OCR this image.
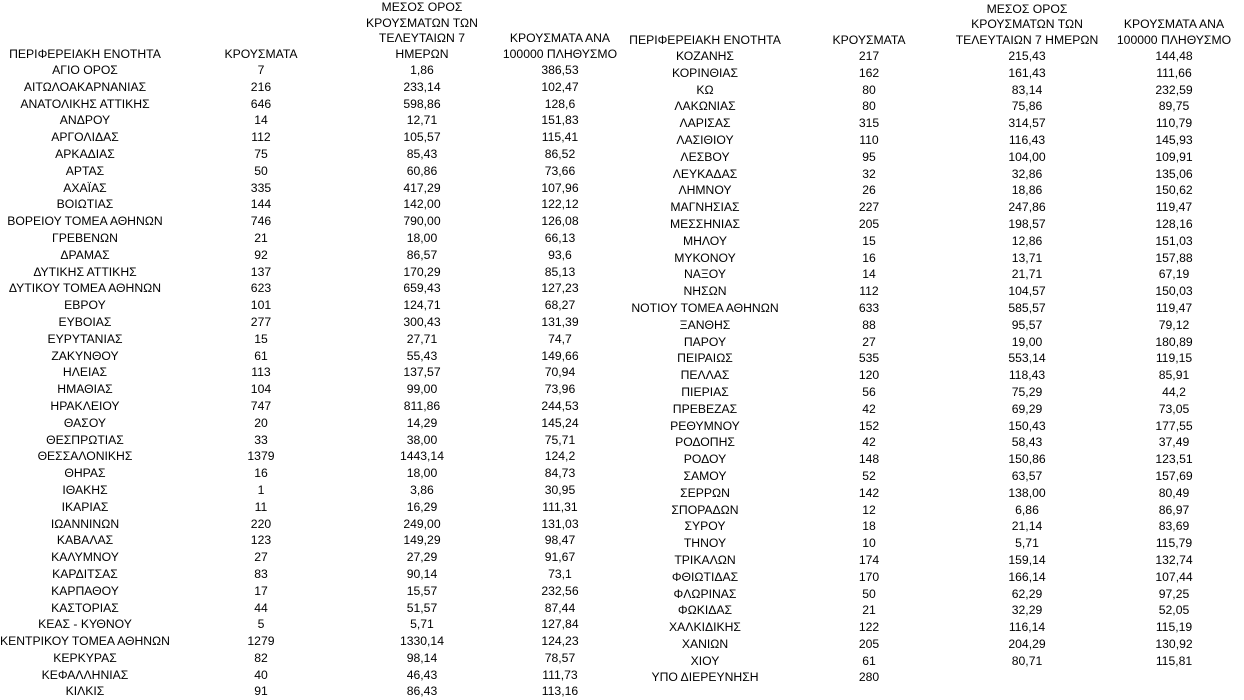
ΠΕΡΙΦΕΡΕΙΑΚΗ ΕΝΟΤΗΤΑ	ΚΡΟΥΣΜΑΤΑ	ΜΕΣΟΣ ΟΡΟΣ ΚΡΟΥΣΜΑΤΩΝ ΤΩΝ ΤΕΛΕΥΤΑΙΩΝ 7 ΗΜΕΡΩΝ	ΚΡΟΥΣΜΑΤΑ ΑΝΑ 100000 ΠΛΗΘΥΣΜΟ
ΑΓΙΟ ΟΡΟΣ	7	1,86	386,53
ΑΙΤΩΛΟΑΚΑΡΝΑΝΙΑΣ	216	233,14	102,47
ΑΝΑΤΟΛΙΚΗΣ ΑΤΤΙΚΗΣ	646	598,86	128,6
ΑΝΔΡΟΥ	14	12,71	151,83
ΑΡΓΟΛΙΔΑΣ	112	105,57	115,41
ΑΡΚΑΔΙΑΣ	75	85,43	86,52
ΑΡΤΑΣ	50	60,86	73,66
ΑΧΑΪΑΣ	335	417,29	107,96
ΒΟΙΩΤΙΑΣ	144	142,00	122,12
ΒΟΡΕΙΟΥ ΤΟΜΕΑ ΑΘΗΝΩΝ	746	790,00	126,08
ΓΡΕΒΕΝΩΝ	21	18,00	66,13
ΔΡΑΜΑΣ	92	86,57	93,6
ΔΥΤΙΚΗΣ ΑΤΤΙΚΗΣ	137	170,29	85,13
ΔΥΤΙΚΟΥ ΤΟΜΕΑ ΑΘΗΝΩΝ	623	659,43	127,23
ΕΒΡΟΥ	101	124,71	68,27
ΕΥΒΟΙΑΣ	277	300,43	131,39
ΕΥΡΥΤΑΝΙΑΣ	15	27,71	74,7
ΖΑΚΥΝΘΟΥ	61	55,43	149,66
ΗΛΕΙΑΣ	113	137,57	70,94
ΗΜΑΘΙΑΣ	104	99,00	73,96
ΗΡΑΚΛΕΙΟΥ	747	811,86	244,53
ΘΑΣΟΥ	20	14,29	145,24
ΘΕΣΠΡΩΤΙΑΣ	33	38,00	75,71
ΘΕΣΣΑΛΟΝΙΚΗΣ	1379	1443,14	124,2
ΘΗΡΑΣ	16	18,00	84,73
ΙΘΑΚΗΣ	1	3,86	30,95
ΙΚΑΡΙΑΣ	11	16,29	111,31
ΙΩΑΝΝΙΝΩΝ	220	249,00	131,03
ΚΑΒΑΛΑΣ	123	149,29	98,47
ΚΑΛΥΜΝΟΥ	27	27,29	91,67
ΚΑΡΔΙΤΣΑΣ	83	90,14	73,1
ΚΑΡΠΑΘΟΥ	17	15,57	232,56
ΚΑΣΤΟΡΙΑΣ	44	51,57	87,44
ΚΕΑΣ - ΚΥΘΝΟΥ	5	5,71	127,84
ΚΕΝΤΡΙΚΟΥ ΤΟΜΕΑ ΑΘΗΝΩΝ	1279	1330,14	124,23
ΚΕΡΚΥΡΑΣ	82	98,14	78,57
ΚΕΦΑΛΛΗΝΙΑΣ	40	46,43	111,73
ΚΙΛΚΙΣ	91	86,43	113,16
ΠΕΡΙΦΕΡΕΙΑΚΗ ΕΝΟΤΗΤΑ	ΚΡΟΥΣΜΑΤΑ	ΜΕΣΟΣ ΟΡΟΣ ΚΡΟΥΣΜΑΤΩΝ ΤΩΝ ΤΕΛΕΥΤΑΙΩΝ 7 ΗΜΕΡΩΝ	ΚΡΟΥΣΜΑΤΑ ΑΝΑ 100000 ΠΛΗΘΥΣΜΟ
ΚΟΖΑΝΗΣ	217	215,43	144,48
ΚΟΡΙΝΘΙΑΣ	162	161,43	111,66
ΚΩ	80	83,14	232,59
ΛΑΚΩΝΙΑΣ	80	75,86	89,75
ΛΑΡΙΣΑΣ	315	314,57	110,79
ΛΑΣΙΘΙΟΥ	110	116,43	145,93
ΛΕΣΒΟΥ	95	104,00	109,91
ΛΕΥΚΑΔΑΣ	32	32,86	135,06
ΛΗΜΝΟΥ	26	18,86	150,62
ΜΑΓΝΗΣΙΑΣ	227	247,86	119,47
ΜΕΣΣΗΝΙΑΣ	205	198,57	128,16
ΜΗΛΟΥ	15	12,86	151,03
ΜΥΚΟΝΟΥ	16	13,71	157,88
ΝΑΞΟΥ	14	21,71	67,19
ΝΗΣΩΝ	112	104,57	150,03
ΝΟΤΙΟΥ ΤΟΜΕΑ ΑΘΗΝΩΝ	633	585,57	119,47
ΞΑΝΘΗΣ	88	95,57	79,12
ΠΑΡΟΥ	27	19,00	180,89
ΠΕΙΡΑΙΩΣ	535	553,14	119,15
ΠΕΛΛΑΣ	120	118,43	85,91
ΠΙΕΡΙΑΣ	56	75,29	44,2
ΠΡΕΒΕΖΑΣ	42	69,29	73,05
ΡΕΘΥΜΝΟΥ	152	150,43	177,55
ΡΟΔΟΠΗΣ	42	58,43	37,49
ΡΟΔΟΥ	148	150,86	123,51
ΣΑΜΟΥ	52	63,57	157,69
ΣΕΡΡΩΝ	142	138,00	80,49
ΣΠΟΡΑΔΩΝ	12	6,86	86,97
ΣΥΡΟΥ	18	21,14	83,69
ΤΗΝΟΥ	10	5,71	115,79
ΤΡΙΚΑΛΩΝ	174	159,14	132,74
ΦΘΙΩΤΙΔΑΣ	170	166,14	107,44
ΦΛΩΡΙΝΑΣ	50	62,29	97,25
ΦΩΚΙΔΑΣ	21	32,29	52,05
ΧΑΛΚΙΔΙΚΗΣ	122	116,14	115,19
ΧΑΝΙΩΝ	205	204,29	130,92
ΧΙΟΥ	61	80,71	115,81
ΥΠΟ ΔΙΕΡΕΥΝΗΣΗ	280		
